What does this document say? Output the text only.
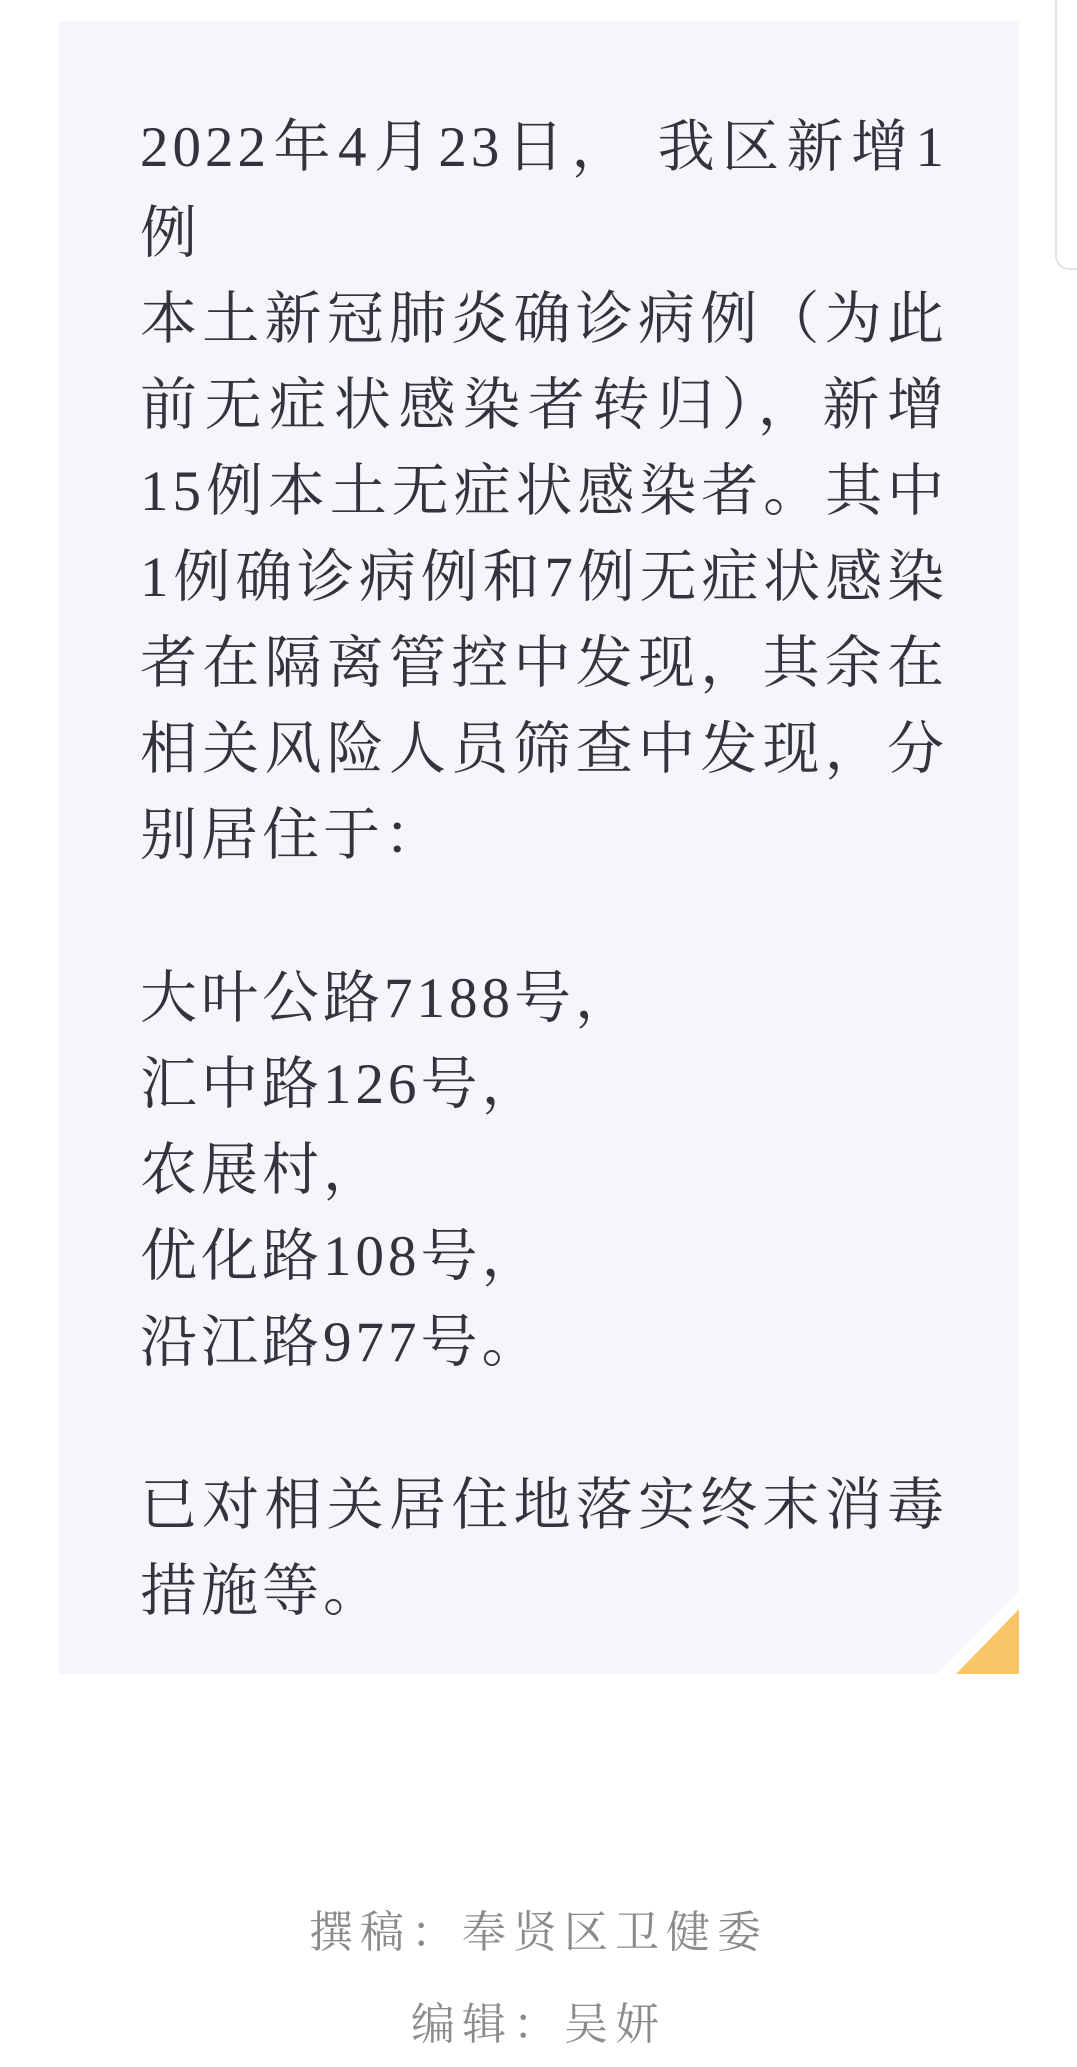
2022年4月23日， 我区新增1例
本土新冠肺炎确诊病例（为此
前无症状感染者转归），新增
15例本土无症状感染者。其中
1例确诊病例和7例无症状感染
者在隔离管控中发现，其余在
相关风险人员筛查中发现，分
别居住于：
大叶公路7188号，
汇中路126号，
农展村，
优化路108号，
沿江路977号。
已对相关居住地落实终末消毒
措施等。
撰稿：奉贤区卫健委
编辑：吴妍
